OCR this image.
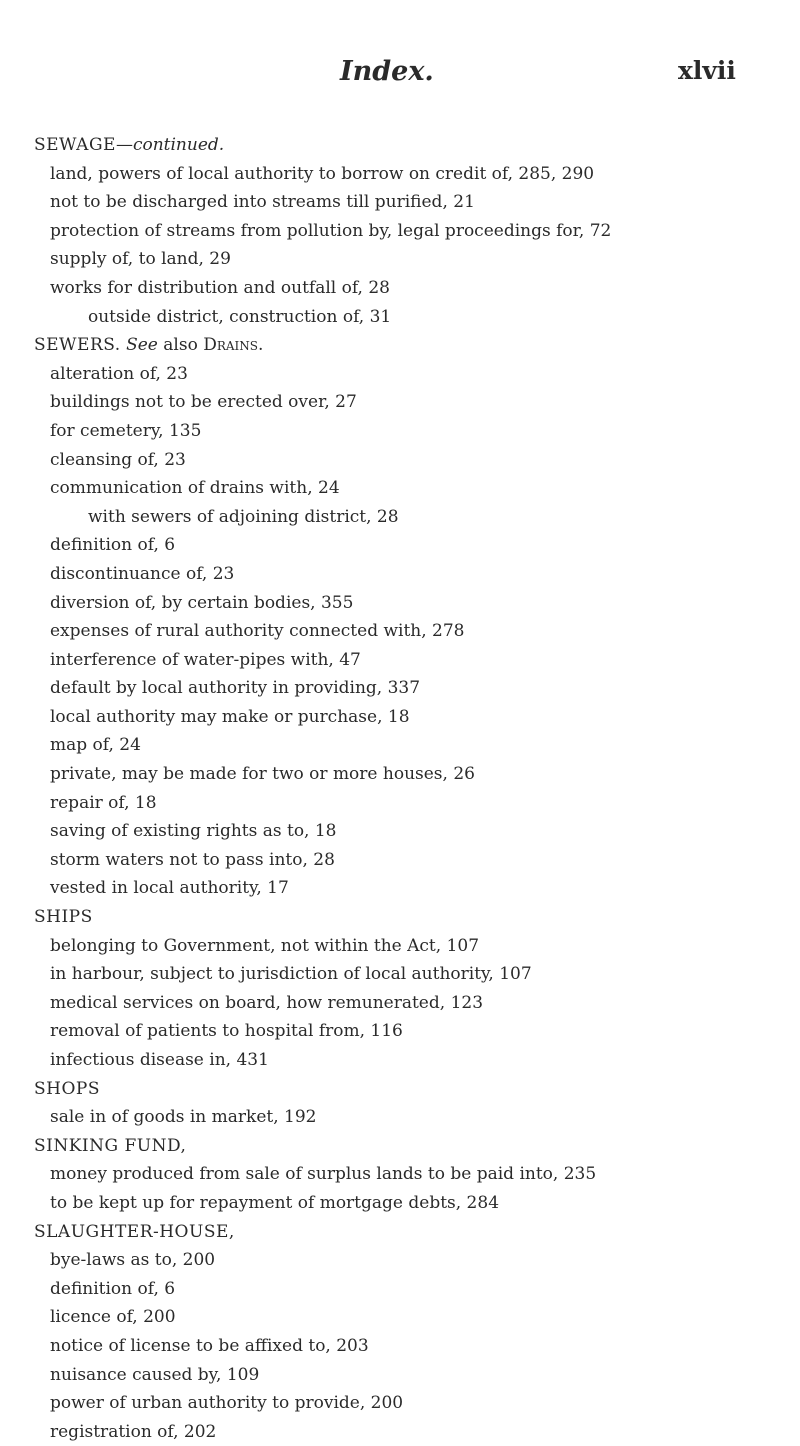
Index.	xlvii
SEWAGE—continued.
land, powers of local authority to borrow on credit of, 285, 290
not to be discharged into streams till purified, 21
protection of streams from pollution by, legal proceedings for, 72
supply of, to land, 29
works for distribution and outfall of, 28
outside district, construction of, 31
SEWERS. See also Drains.
alteration of, 23
buildings not to be erected over, 27
for cemetery, 135
cleansing of, 23
communication of drains with, 24
with sewers of adjoining district, 28
definition of, 6
discontinuance of, 23
diversion of, by certain bodies, 355
expenses of rural authority connected with, 278
interference of water-pipes with, 47
default by local authority in providing, 337
local authority may make or purchase, 18
map of, 24
private, may be made for two or more houses, 26
repair of, 18
saving of existing rights as to, 18
storm waters not to pass into, 28
vested in local authority, 17
SHIPS
belonging to Government, not within the Act, 107
in harbour, subject to jurisdiction of local authority, 107
medical services on board, how remunerated, 123
removal of patients to hospital from, 116
infectious disease in, 431
SHOPS
sale in of goods in market, 192
SINKING FUND,
money produced from sale of surplus lands to be paid into, 235
to be kept up for repayment of mortgage debts, 284
SLAUGHTER-HOUSE,
bye-laws as to, 200
definition of, 6
licence of, 200
notice of license to be affixed to, 203
nuisance caused by, 109
power of urban authority to provide, 200
registration of, 202
